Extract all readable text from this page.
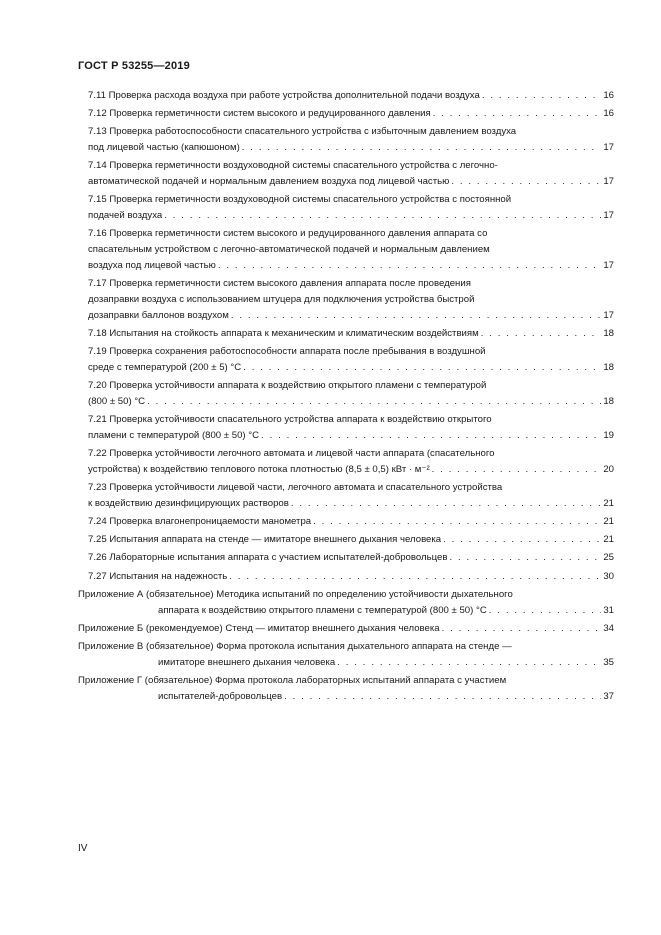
ГОСТ Р 53255—2019
7.11 Проверка расхода воздуха при работе устройства дополнительной подачи воздуха . . .	16
7.12 Проверка герметичности систем высокого и редуцированного давления . . .	16
7.13 Проверка работоспособности спасательного устройства с избыточным давлением воздуха
под лицевой частью (капюшоном) . . .	17
7.14 Проверка герметичности воздуховодной системы спасательного устройства с легочно-
автоматической подачей и нормальным давлением воздуха под лицевой частью . . .	17
7.15 Проверка герметичности воздуховодной системы спасательного устройства с постоянной
подачей воздуха . . .	17
7.16 Проверка герметичности систем высокого и редуцированного давления аппарата со
спасательным устройством с легочно-автоматической подачей и нормальным давлением
воздуха под лицевой частью . . .	17
7.17 Проверка герметичности систем высокого давления аппарата после проведения
дозаправки воздуха с использованием штуцера для подключения устройства быстрой
дозаправки баллонов воздухом . . .	17
7.18 Испытания на стойкость аппарата к механическим и климатическим воздействиям . . .	18
7.19 Проверка сохранения работоспособности аппарата после пребывания в воздушной
среде с температурой (200 ± 5) °С . . .	18
7.20 Проверка устойчивости аппарата к воздействию открытого пламени с температурой
(800 ± 50) °С . . .	18
7.21 Проверка устойчивости спасательного устройства аппарата к воздействию открытого
пламени с температурой (800 ± 50) °С . . .	19
7.22 Проверка устойчивости легочного автомата и лицевой части аппарата (спасательного
устройства) к воздействию теплового потока плотностью (8,5 ± 0,5) кВт · м⁻² . . .	20
7.23 Проверка устойчивости лицевой части, легочного автомата и спасательного устройства
к воздействию дезинфицирующих растворов . . .	21
7.24 Проверка влагонепроницаемости манометра . . .	21
7.25 Испытания аппарата на стенде — имитаторе внешнего дыхания человека . . .	21
7.26 Лабораторные испытания аппарата с участием испытателей-добровольцев . . .	25
7.27 Испытания на надежность . . .	30
Приложение А (обязательное) Методика испытаний по определению устойчивости дыхательного
аппарата к воздействию открытого пламени с температурой (800 ± 50) °С . . .	31
Приложение Б (рекомендуемое) Стенд — имитатор внешнего дыхания человека . . .	34
Приложение В (обязательное) Форма протокола испытания дыхательного аппарата на стенде —
имитаторе внешнего дыхания человека . . .	35
Приложение Г (обязательное) Форма протокола лабораторных испытаний аппарата с участием
испытателей-добровольцев . . .	37
IV
